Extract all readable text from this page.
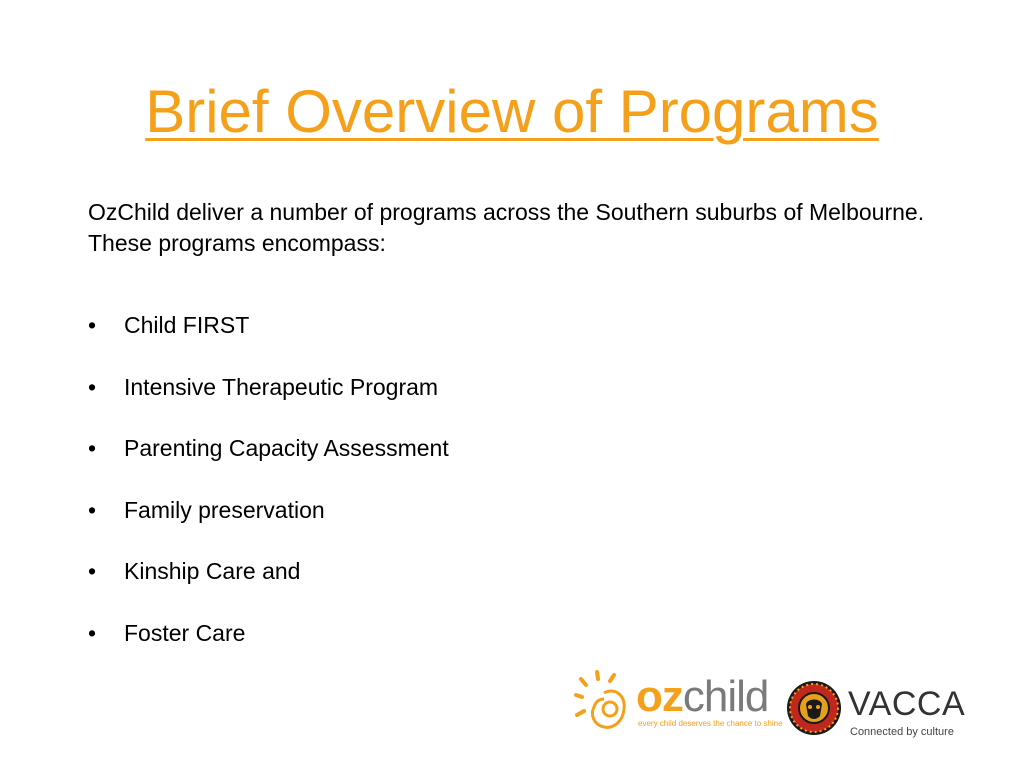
Brief Overview of Programs

OzChild deliver a number of programs across the Southern suburbs of Melbourne. These programs encompass:

• Child FIRST
• Intensive Therapeutic Program
• Parenting Capacity Assessment
• Family preservation
• Kinship Care and
• Foster Care
ozchild
every child deserves the chance to shine
VACCA
Connected by culture
